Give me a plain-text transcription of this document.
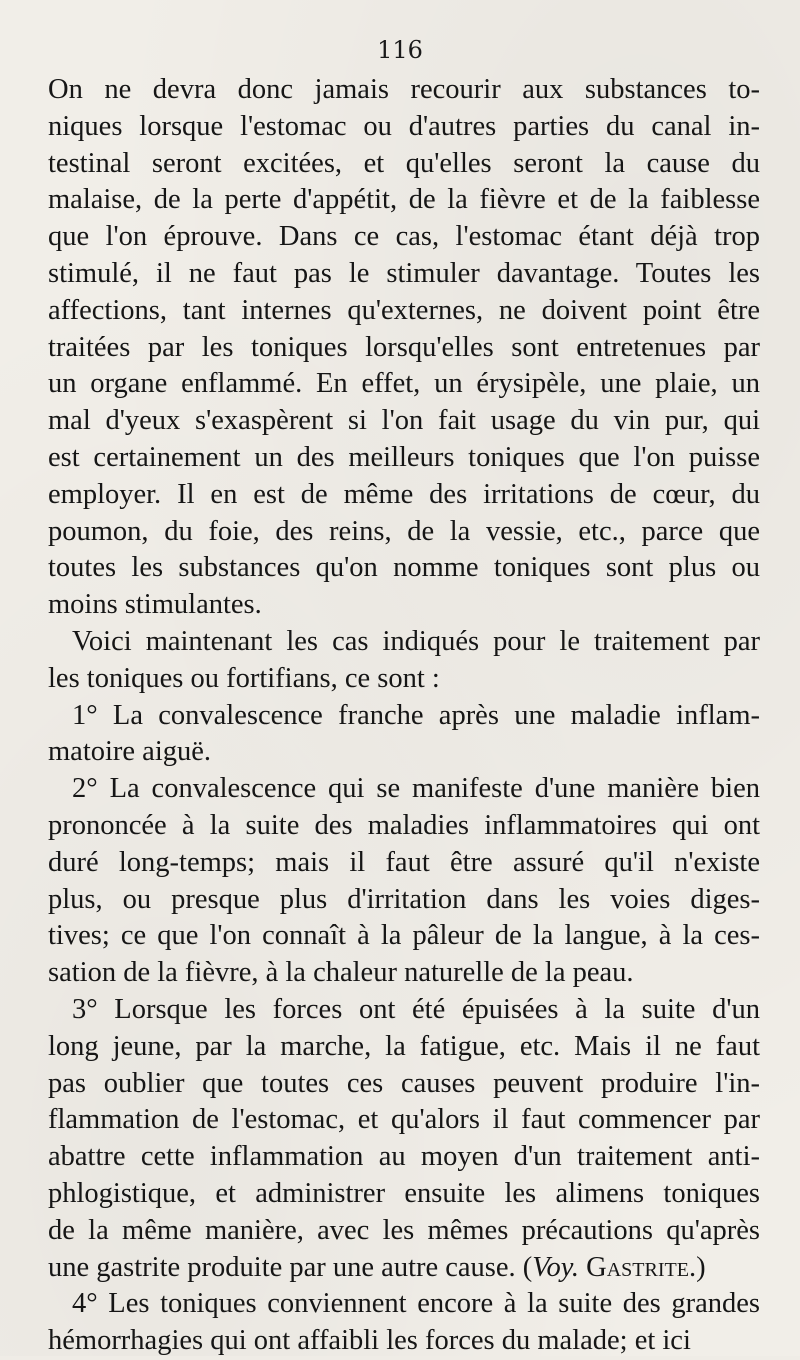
116
On ne devra donc jamais recourir aux substances to-
niques lorsque l'estomac ou d'autres parties du canal in-
testinal seront excitées, et qu'elles seront la cause du
malaise, de la perte d'appétit, de la fièvre et de la faiblesse
que l'on éprouve. Dans ce cas, l'estomac étant déjà trop
stimulé, il ne faut pas le stimuler davantage. Toutes les
affections, tant internes qu'externes, ne doivent point être
traitées par les toniques lorsqu'elles sont entretenues par
un organe enflammé. En effet, un érysipèle, une plaie, un
mal d'yeux s'exaspèrent si l'on fait usage du vin pur, qui
est certainement un des meilleurs toniques que l'on puisse
employer. Il en est de même des irritations de cœur, du
poumon, du foie, des reins, de la vessie, etc., parce que
toutes les substances qu'on nomme toniques sont plus ou
moins stimulantes.
Voici maintenant les cas indiqués pour le traitement par
les toniques ou fortifians, ce sont :
1° La convalescence franche après une maladie inflam-
matoire aiguë.
2° La convalescence qui se manifeste d'une manière bien
prononcée à la suite des maladies inflammatoires qui ont
duré long-temps; mais il faut être assuré qu'il n'existe
plus, ou presque plus d'irritation dans les voies diges-
tives; ce que l'on connaît à la pâleur de la langue, à la ces-
sation de la fièvre, à la chaleur naturelle de la peau.
3° Lorsque les forces ont été épuisées à la suite d'un
long jeune, par la marche, la fatigue, etc. Mais il ne faut
pas oublier que toutes ces causes peuvent produire l'in-
flammation de l'estomac, et qu'alors il faut commencer par
abattre cette inflammation au moyen d'un traitement anti-
phlogistique, et administrer ensuite les alimens toniques
de la même manière, avec les mêmes précautions qu'après
une gastrite produite par une autre cause. (Voy. Gastrite.)
4° Les toniques conviennent encore à la suite des grandes
hémorrhagies qui ont affaibli les forces du malade; et ici
